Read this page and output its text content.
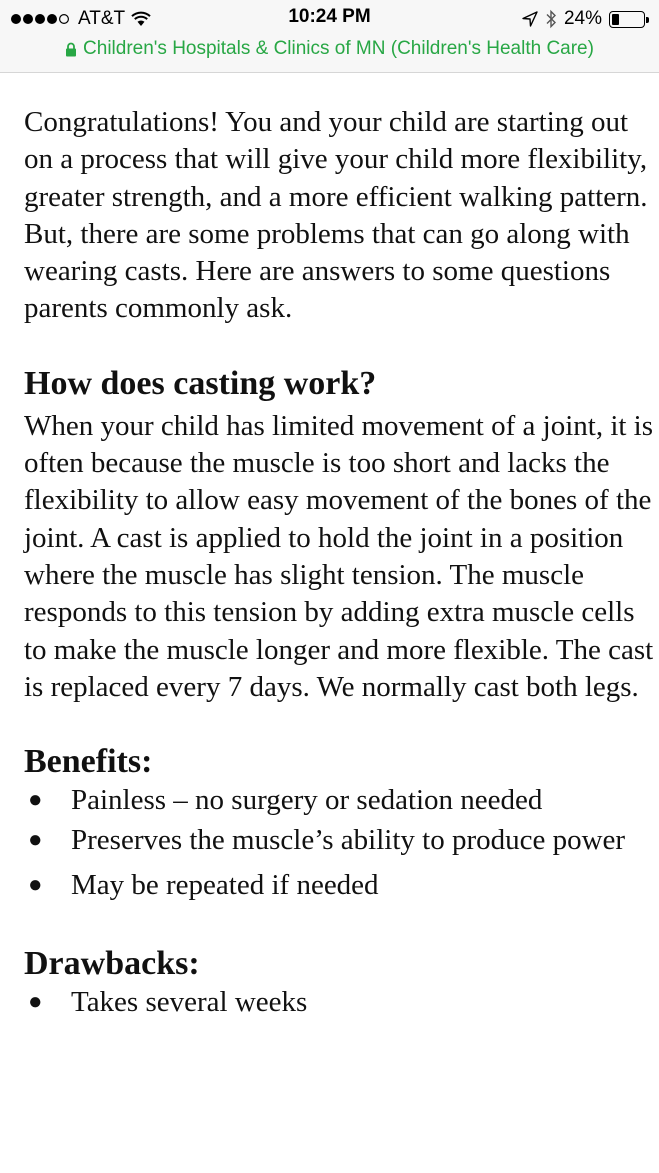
AT&T	10:24 PM	24%
Children's Hospitals & Clinics of MN (Children's Health Care)

Congratulations! You and your child are starting out on a process that will give your child more flexibility, greater strength, and a more efficient walking pattern. But, there are some problems that can go along with wearing casts. Here are answers to some questions parents commonly ask.

How does casting work?

When your child has limited movement of a joint, it is often because the muscle is too short and lacks the flexibility to allow easy movement of the bones of the joint. A cast is applied to hold the joint in a position where the muscle has slight tension. The muscle responds to this tension by adding extra muscle cells to make the muscle longer and more flexible. The cast is replaced every 7 days. We normally cast both legs.

Benefits:
● Painless – no surgery or sedation needed
● Preserves the muscle’s ability to produce power
● May be repeated if needed
Drawbacks:
● Takes several weeks
